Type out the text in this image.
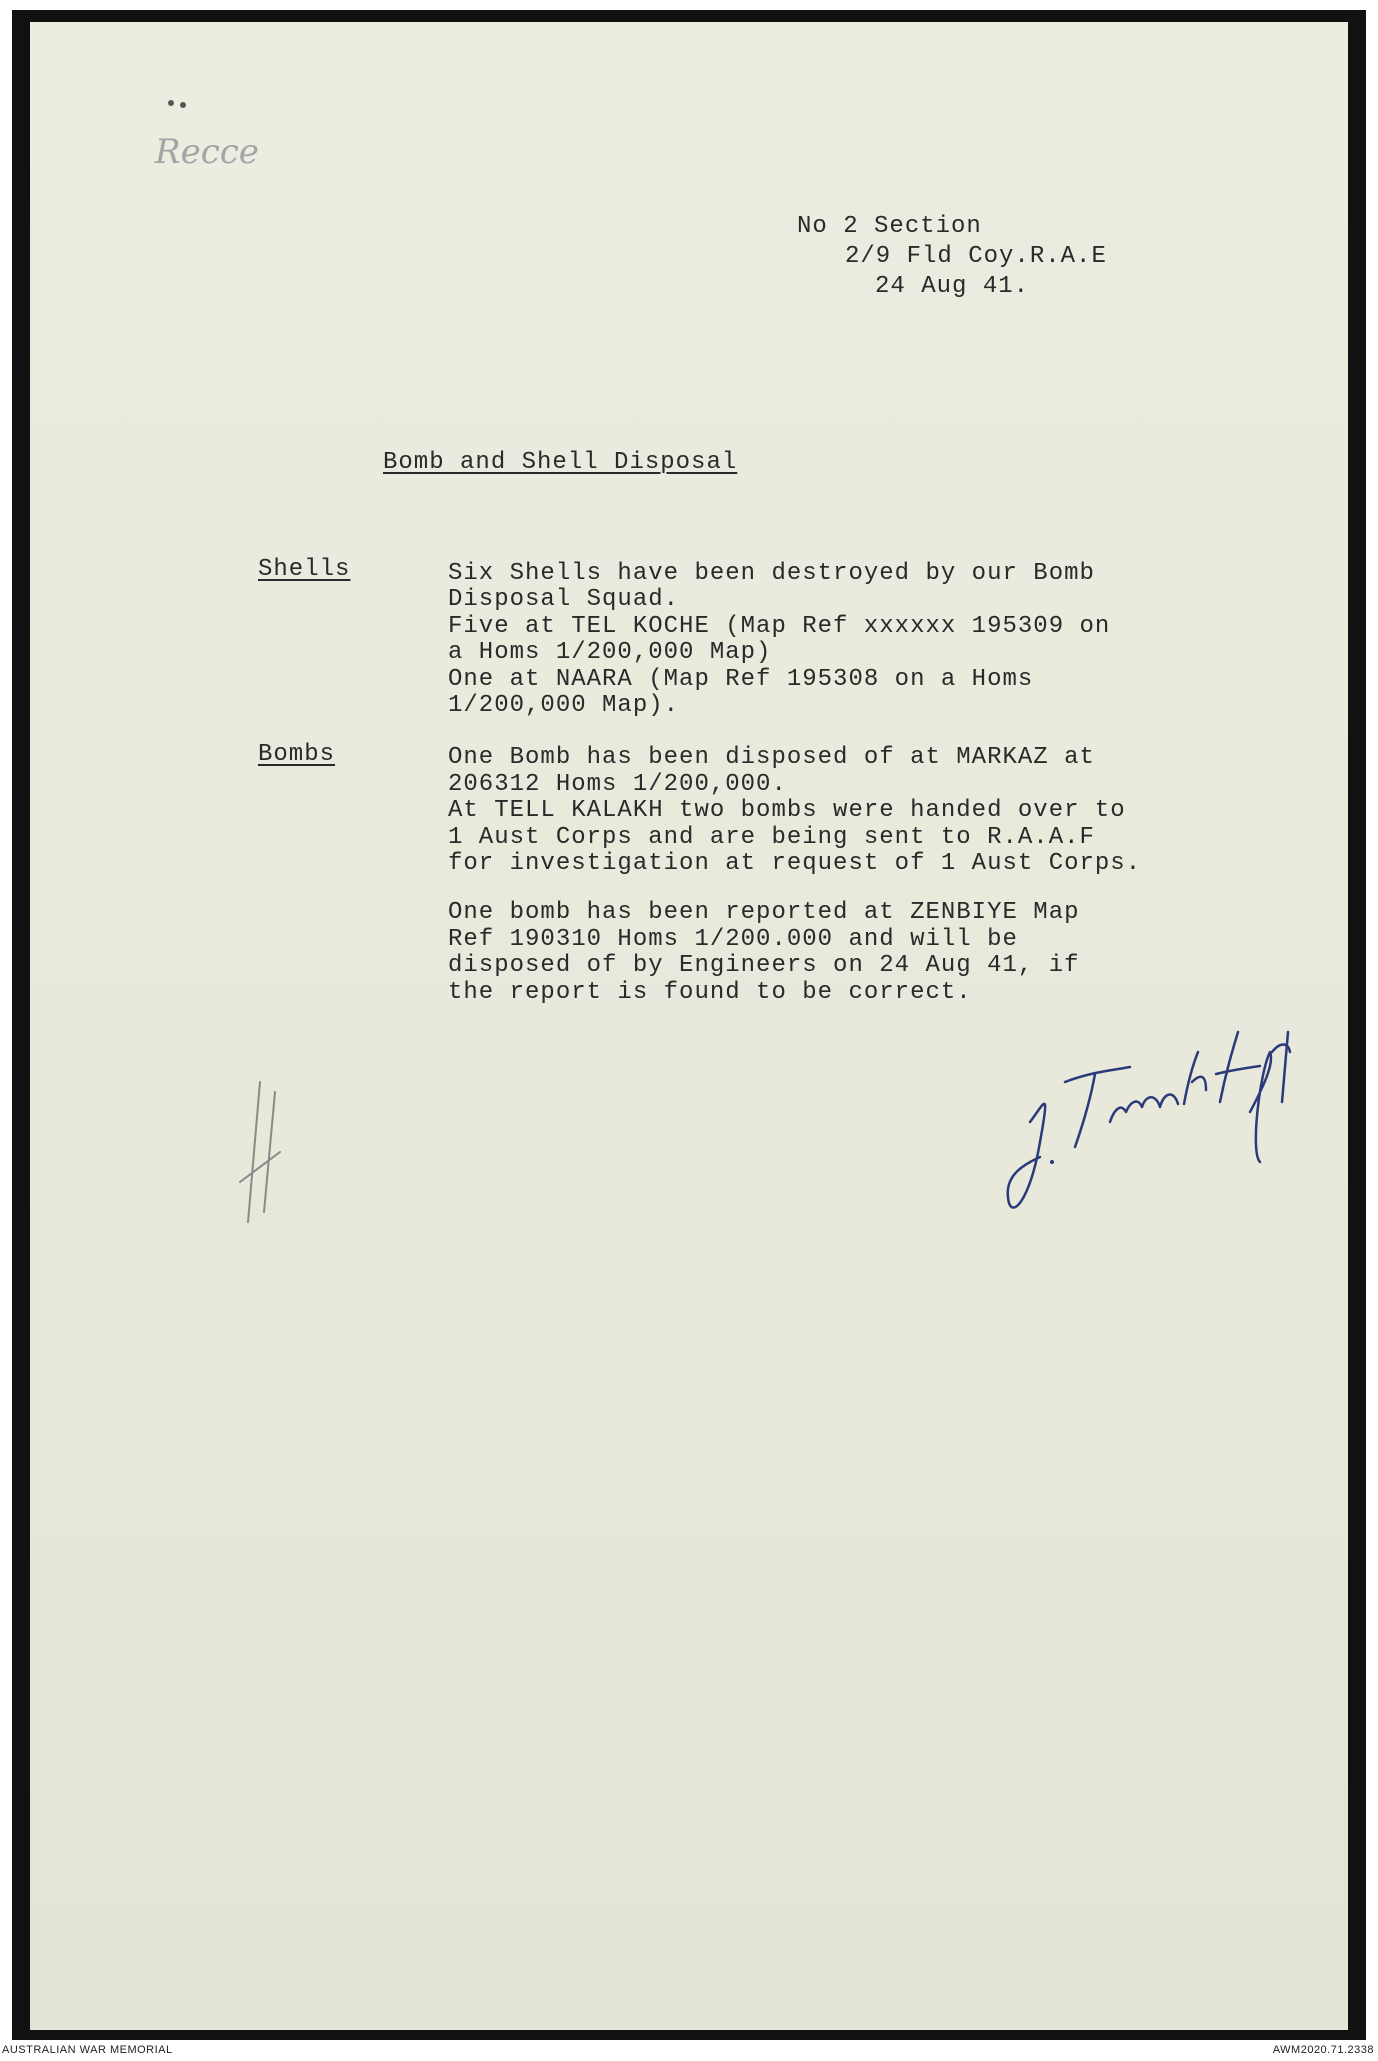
Recce
No 2 Section
2/9 Fld Coy.R.A.E
24 Aug 41.
Bomb and Shell Disposal
Shells	Six Shells have been destroyed by our Bomb
Disposal Squad.
Five at TEL KOCHE (Map Ref xxxxxx 195309 on
a Homs 1/200,000 Map)
One at NAARA (Map Ref 195308 on a Homs
1/200,000 Map).
Bombs	One Bomb has been disposed of at MARKAZ at
206312 Homs 1/200,000.
At TELL KALAKH two bombs were handed over to
1 Aust Corps and are being sent to R.A.A.F
for investigation at request of 1 Aust Corps.
One bomb has been reported at ZENBIYE Map
Ref 190310 Homs 1/200.000 and will be
disposed of by Engineers on 24 Aug 41, if
the report is found to be correct.
AUSTRALIAN WAR MEMORIAL	AWM2020.71.2338
